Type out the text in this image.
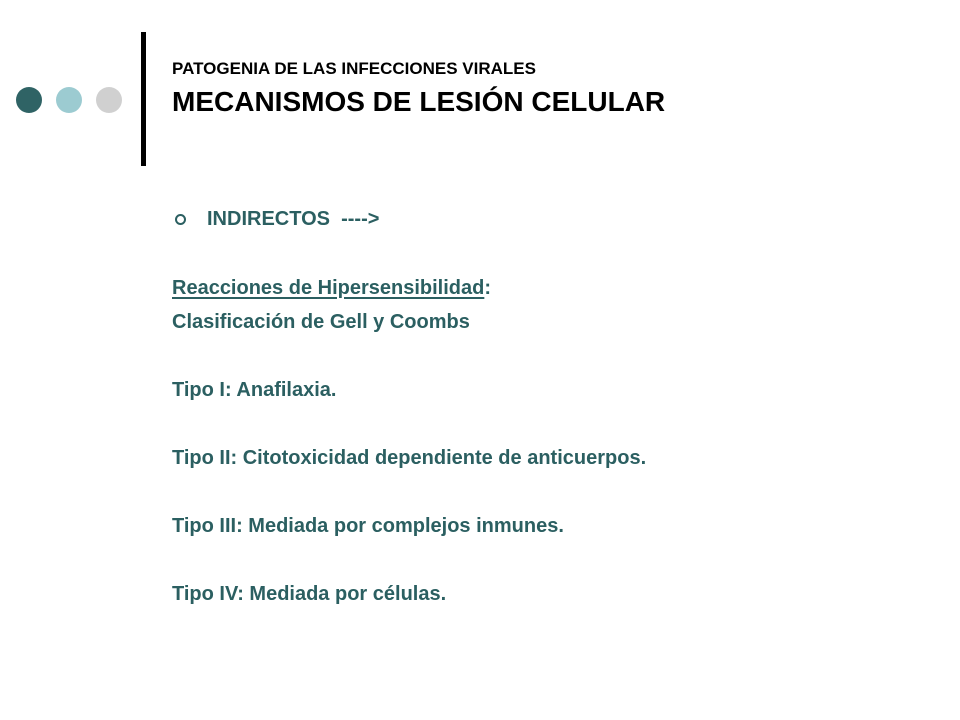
PATOGENIA DE LAS INFECCIONES VIRALES
MECANISMOS DE LESIÓN CELULAR
INDIRECTOS  ---->
Reacciones de Hipersensibilidad:
Clasificación de Gell y Coombs
Tipo I: Anafilaxia.
Tipo II: Citotoxicidad dependiente de anticuerpos.
Tipo III: Mediada por complejos inmunes.
Tipo IV: Mediada por células.
